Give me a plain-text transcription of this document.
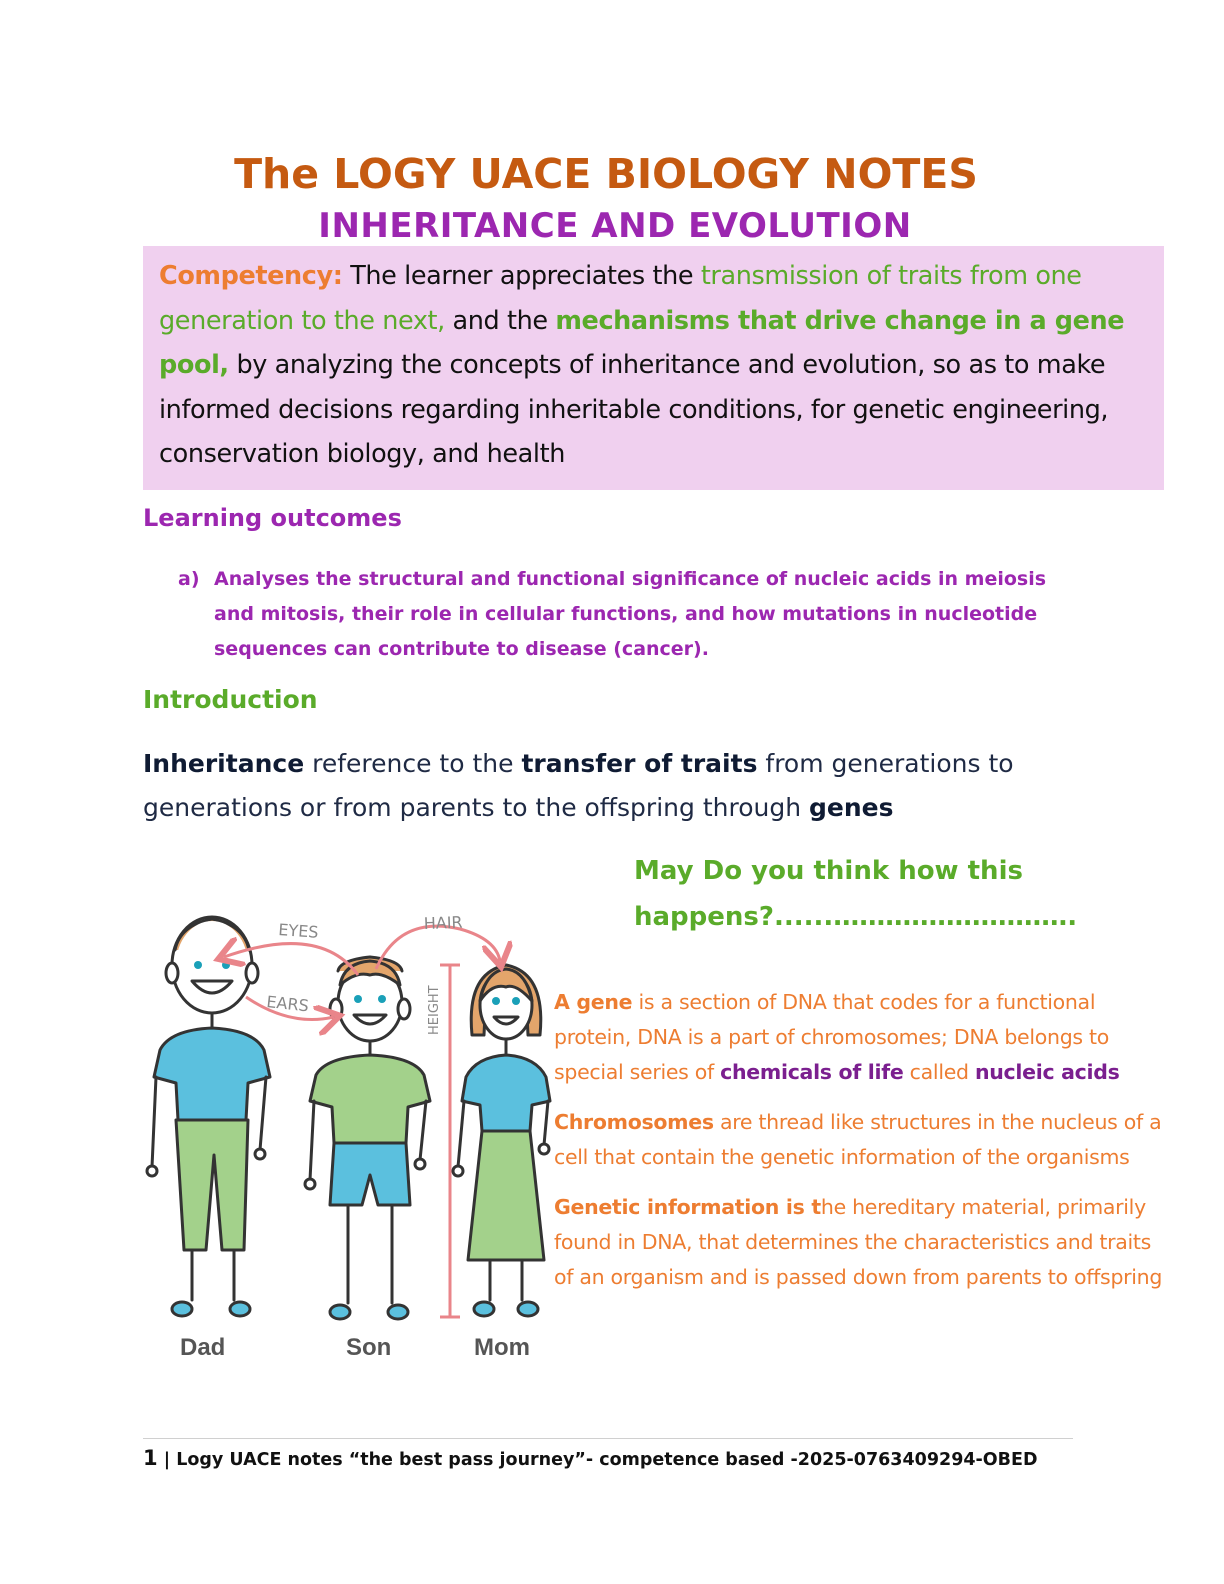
The LOGY UACE BIOLOGY NOTES
INHERITANCE AND EVOLUTION
Competency: The learner appreciates the transmission of traits from one generation to the next, and the mechanisms that drive change in a gene pool, by analyzing the concepts of inheritance and evolution, so as to make informed decisions regarding inheritable conditions, for genetic engineering, conservation biology, and health
Learning outcomes
a) Analyses the structural and functional significance of nucleic acids in meiosis and mitosis, their role in cellular functions, and how mutations in nucleotide sequences can contribute to disease (cancer).
Introduction
Inheritance reference to the transfer of traits from generations to generations or from parents to the offspring through genes
May Do you think how this happens?......……………………….

A gene is a section of DNA that codes for a functional protein, DNA is a part of chromosomes; DNA belongs to special series of chemicals of life called nucleic acids

Chromosomes are thread like structures in the nucleus of a cell that contain the genetic information of the organisms

Genetic information is the hereditary material, primarily found in DNA, that determines the characteristics and traits of an organism and is passed down from parents to offspring

EYES	HAIR
EARS	HEIGHT
Dad	Son	Mom
1 | Logy UACE notes “the best pass journey”- competence based -2025-0763409294-OBED
